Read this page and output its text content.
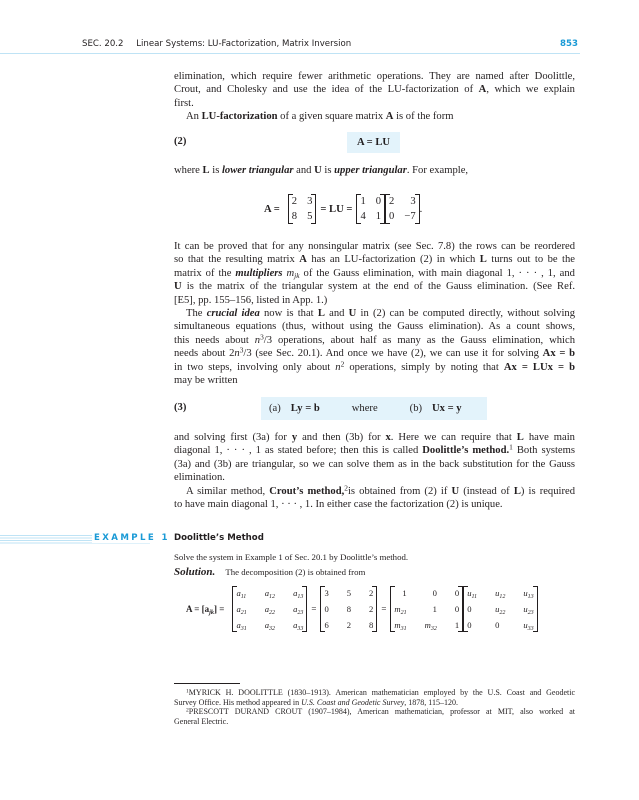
SEC. 20.2 Linear Systems: LU-Factorization, Matrix Inversion	853
elimination, which require fewer arithmetic operations. They are named after Doolittle,
Crout, and Cholesky and use the idea of the LU-factorization of A, which we explain
first.
An LU-factorization of a given square matrix A is of the form
(2)	A = LU
where L is lower triangular and U is upper triangular. For example,
A =
2 3
8 5
= LU =
1 0
4 1
2	3
0 −7
.
It can be proved that for any nonsingular matrix (see Sec. 7.8) the rows can be reordered
so that the resulting matrix A has an LU-factorization (2) in which L turns out to be the
matrix of the multipliers $m_{jk}$ of the Gauss elimination, with main diagonal 1, · · · , 1, and
U is the matrix of the triangular system at the end of the Gauss elimination. (See Ref.
[E5], pp. 155–156, listed in App. 1.)
The crucial idea now is that L and U in (2) can be computed directly, without solving
simultaneous equations (thus, without using the Gauss elimination). As a count shows,
this needs about $n^3/3$ operations, about half as many as the Gauss elimination, which
needs about $2n^3/3$ (see Sec. 20.1). And once we have (2), we can use it for solving Ax = b
in two steps, involving only about $n^2$ operations, simply by noting that Ax = LUx = b
may be written
(3)	(a) Ly = b	where	(b) Ux = y
and solving first (3a) for y and then (3b) for x. Here we can require that L have main
diagonal 1, · · · , 1 as stated before; then this is called Doolittle’s method.$^1$ Both systems
(3a) and (3b) are triangular, so we can solve them as in the back substitution for the Gauss
elimination.
A similar method, Crout’s method,$^2$is obtained from (2) if U (instead of L) is required
to have main diagonal 1, · · · , 1. In either case the factorization (2) is unique.
EXAMPLE 1 Doolittle’s Method
Solve the system in Example 1 of Sec. 20.1 by Doolittle’s method.
Solution. The decomposition (2) is obtained from
$A = [a_{jk}]$ =
$a_{11}$ $a_{12}$ $a_{13}$
$a_{21}$ $a_{22}$ $a_{23}$
$a_{31}$ $a_{32}$ $a_{33}$
=
3 5 2
0 8 2
6 2 8
=
1	0 0
$m_{21}$	1 0
$m_{31}$ $m_{32}$ 1
$u_{11}$ $u_{12}$ $u_{13}$
0	$u_{22}$ $u_{23}$
0	0	$u_{33}$
$^1$MYRICK H. DOOLITTLE (1830–1913). American mathematician employed by the U.S. Coast and Geodetic
Survey Office. His method appeared in U.S. Coast and Geodetic Survey, 1878, 115–120.
$^2$PRESCOTT DURAND CROUT (1907–1984), American mathematician, professor at MIT, also worked at
General Electric.
